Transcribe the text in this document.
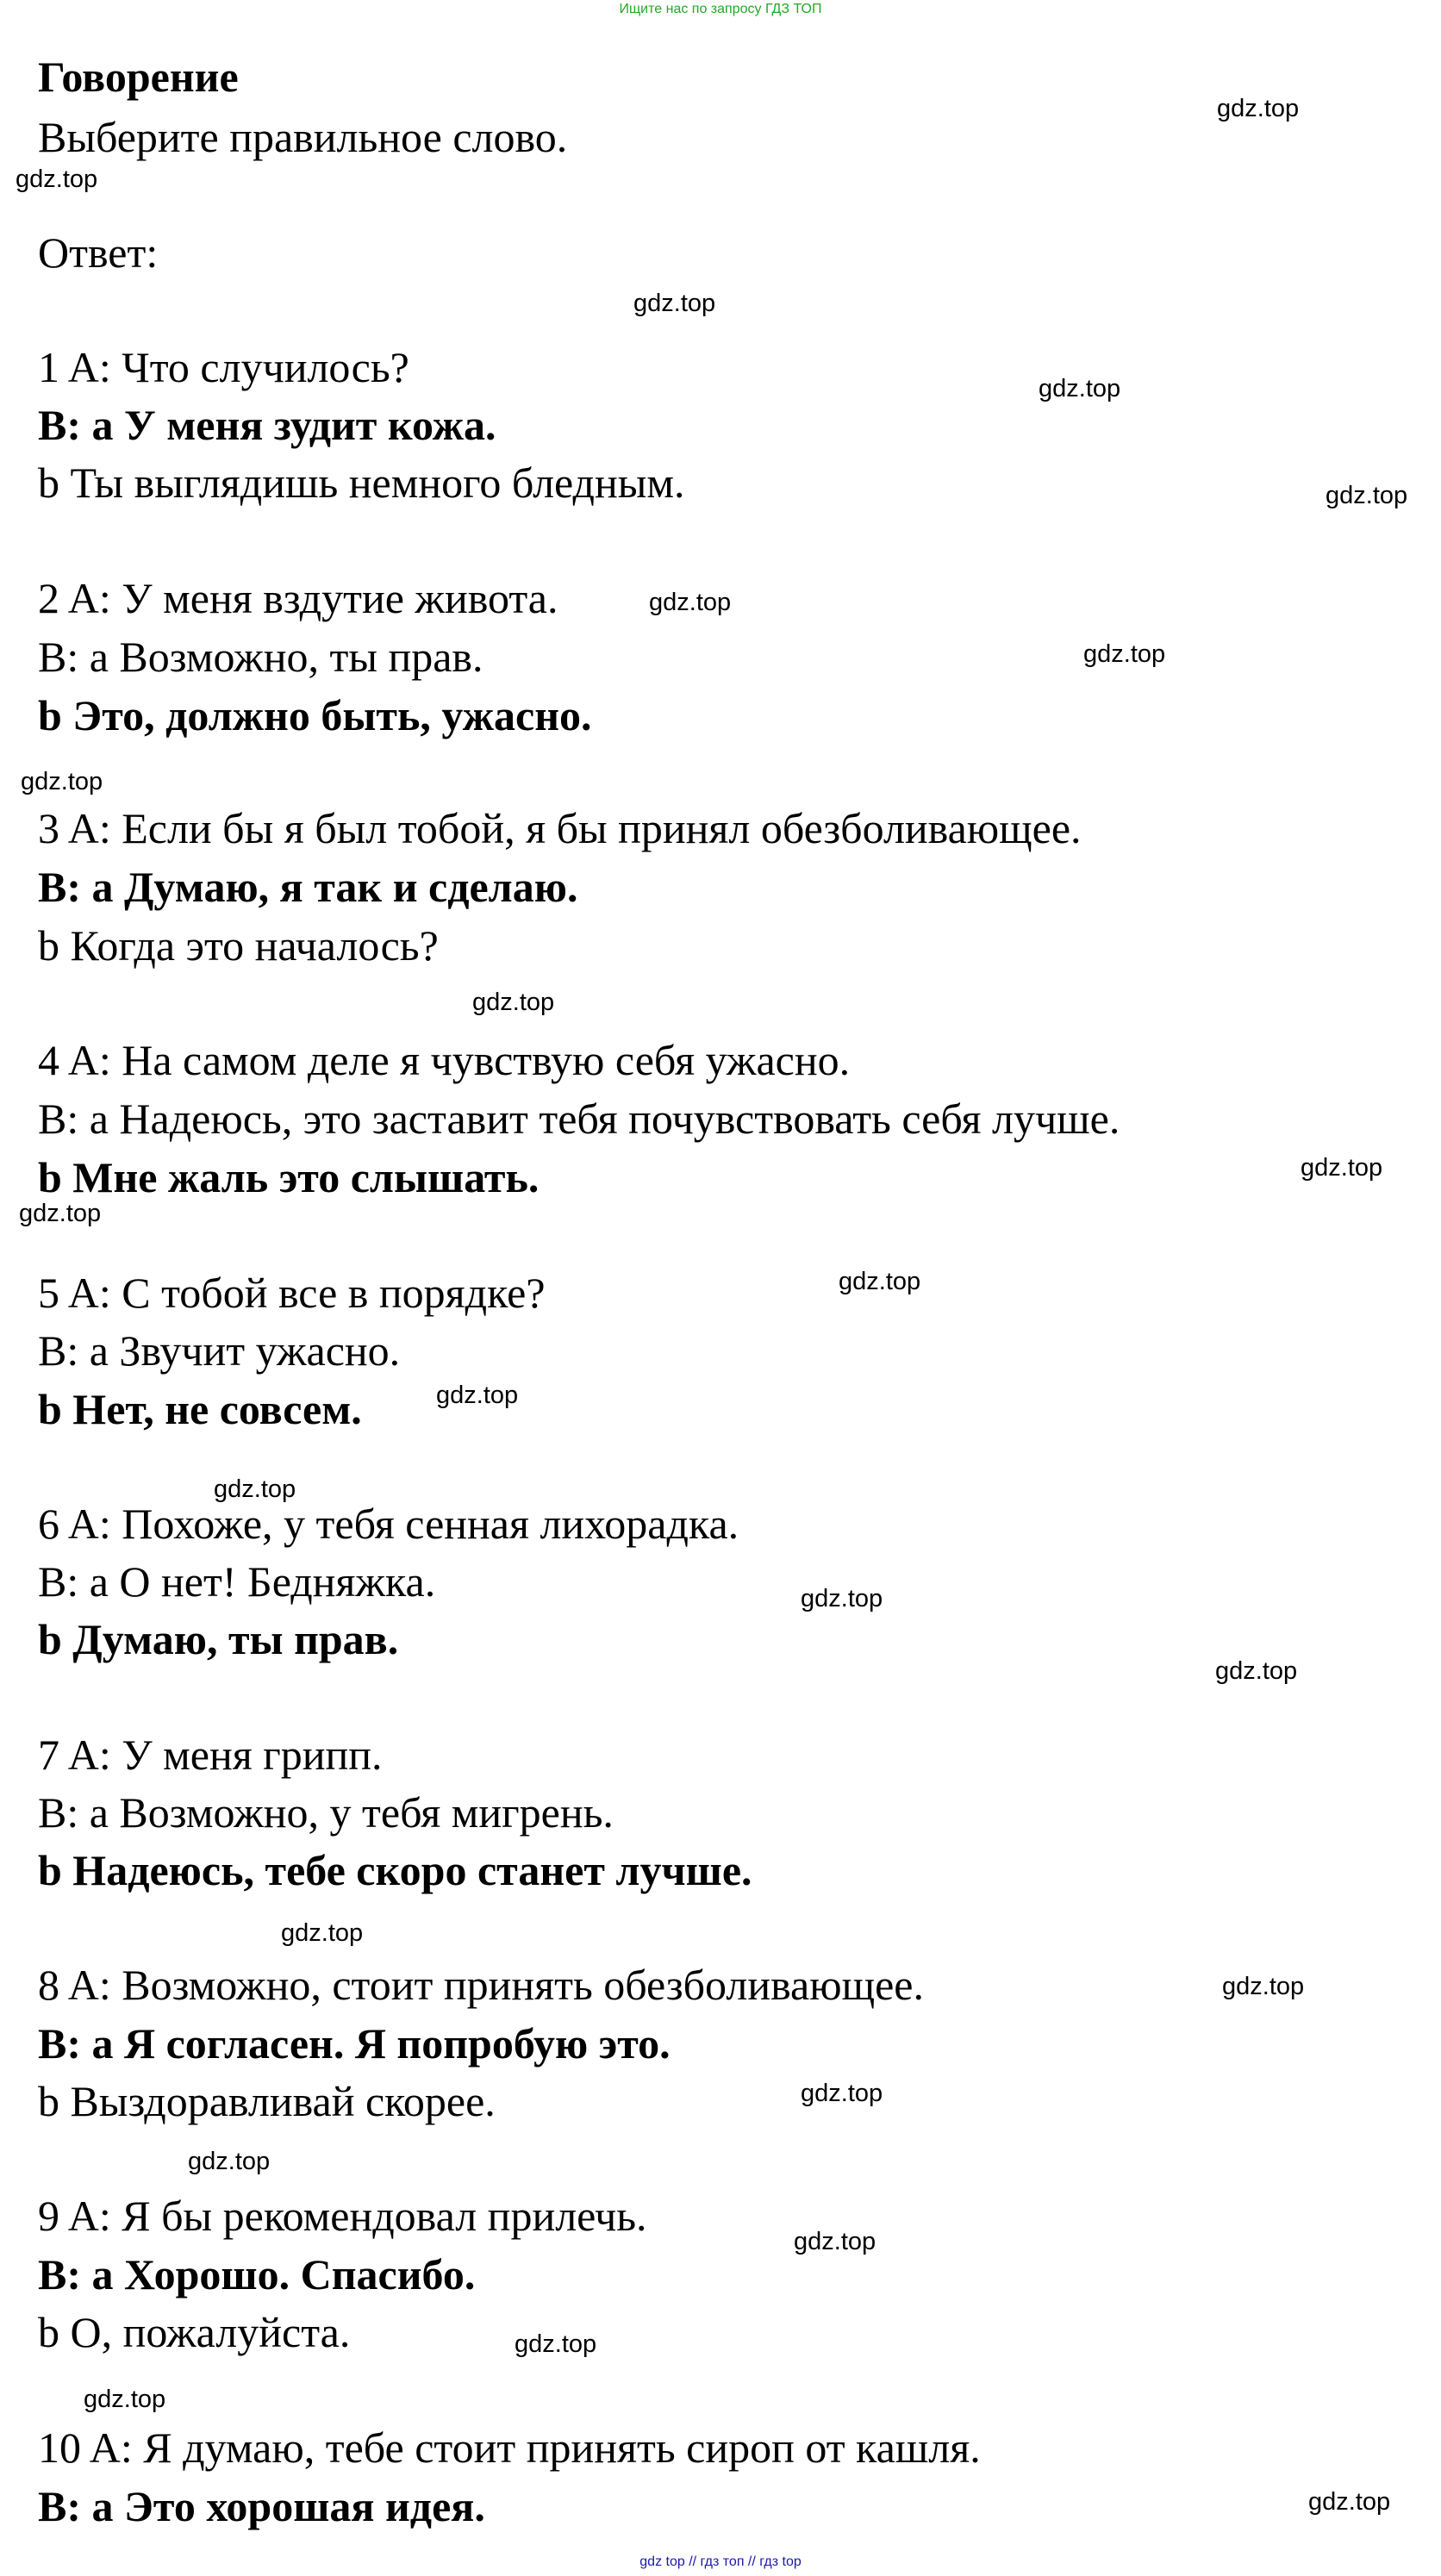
Ищите нас по запросу ГДЗ ТОП
Говорение
Выберите правильное слово.
Ответ:
1 A: Что случилось?
B: а У меня зудит кожа.
b Ты выглядишь немного бледным.
2 A: У меня вздутие живота.
B: а Возможно, ты прав.
b Это, должно быть, ужасно.
3 A: Если бы я был тобой, я бы принял обезболивающее.
B: а Думаю, я так и сделаю.
b Когда это началось?
4 A: На самом деле я чувствую себя ужасно.
B: а Надеюсь, это заставит тебя почувствовать себя лучше.
b Мне жаль это слышать.
5 A: С тобой все в порядке?
B: а Звучит ужасно.
b Нет, не совсем.
6 A: Похоже, у тебя сенная лихорадка.
B: а О нет! Бедняжка.
b Думаю, ты прав.
7 A: У меня грипп.
B: а Возможно, у тебя мигрень.
b Надеюсь, тебе скоро станет лучше.
8 A: Возможно, стоит принять обезболивающее.
B: а Я согласен. Я попробую это.
b Выздоравливай скорее.
9 A: Я бы рекомендовал прилечь.
B: а Хорошо. Спасибо.
b О, пожалуйста.
10 A: Я думаю, тебе стоит принять сироп от кашля.
B: а Это хорошая идея.
gdz.top
gdz.top
gdz.top
gdz.top
gdz.top
gdz.top
gdz.top
gdz.top
gdz.top
gdz.top
gdz.top
gdz.top
gdz.top
gdz.top
gdz.top
gdz.top
gdz.top
gdz.top
gdz.top
gdz.top
gdz.top
gdz.top
gdz.top
gdz.top
gdz top // гдз топ // гдз top
